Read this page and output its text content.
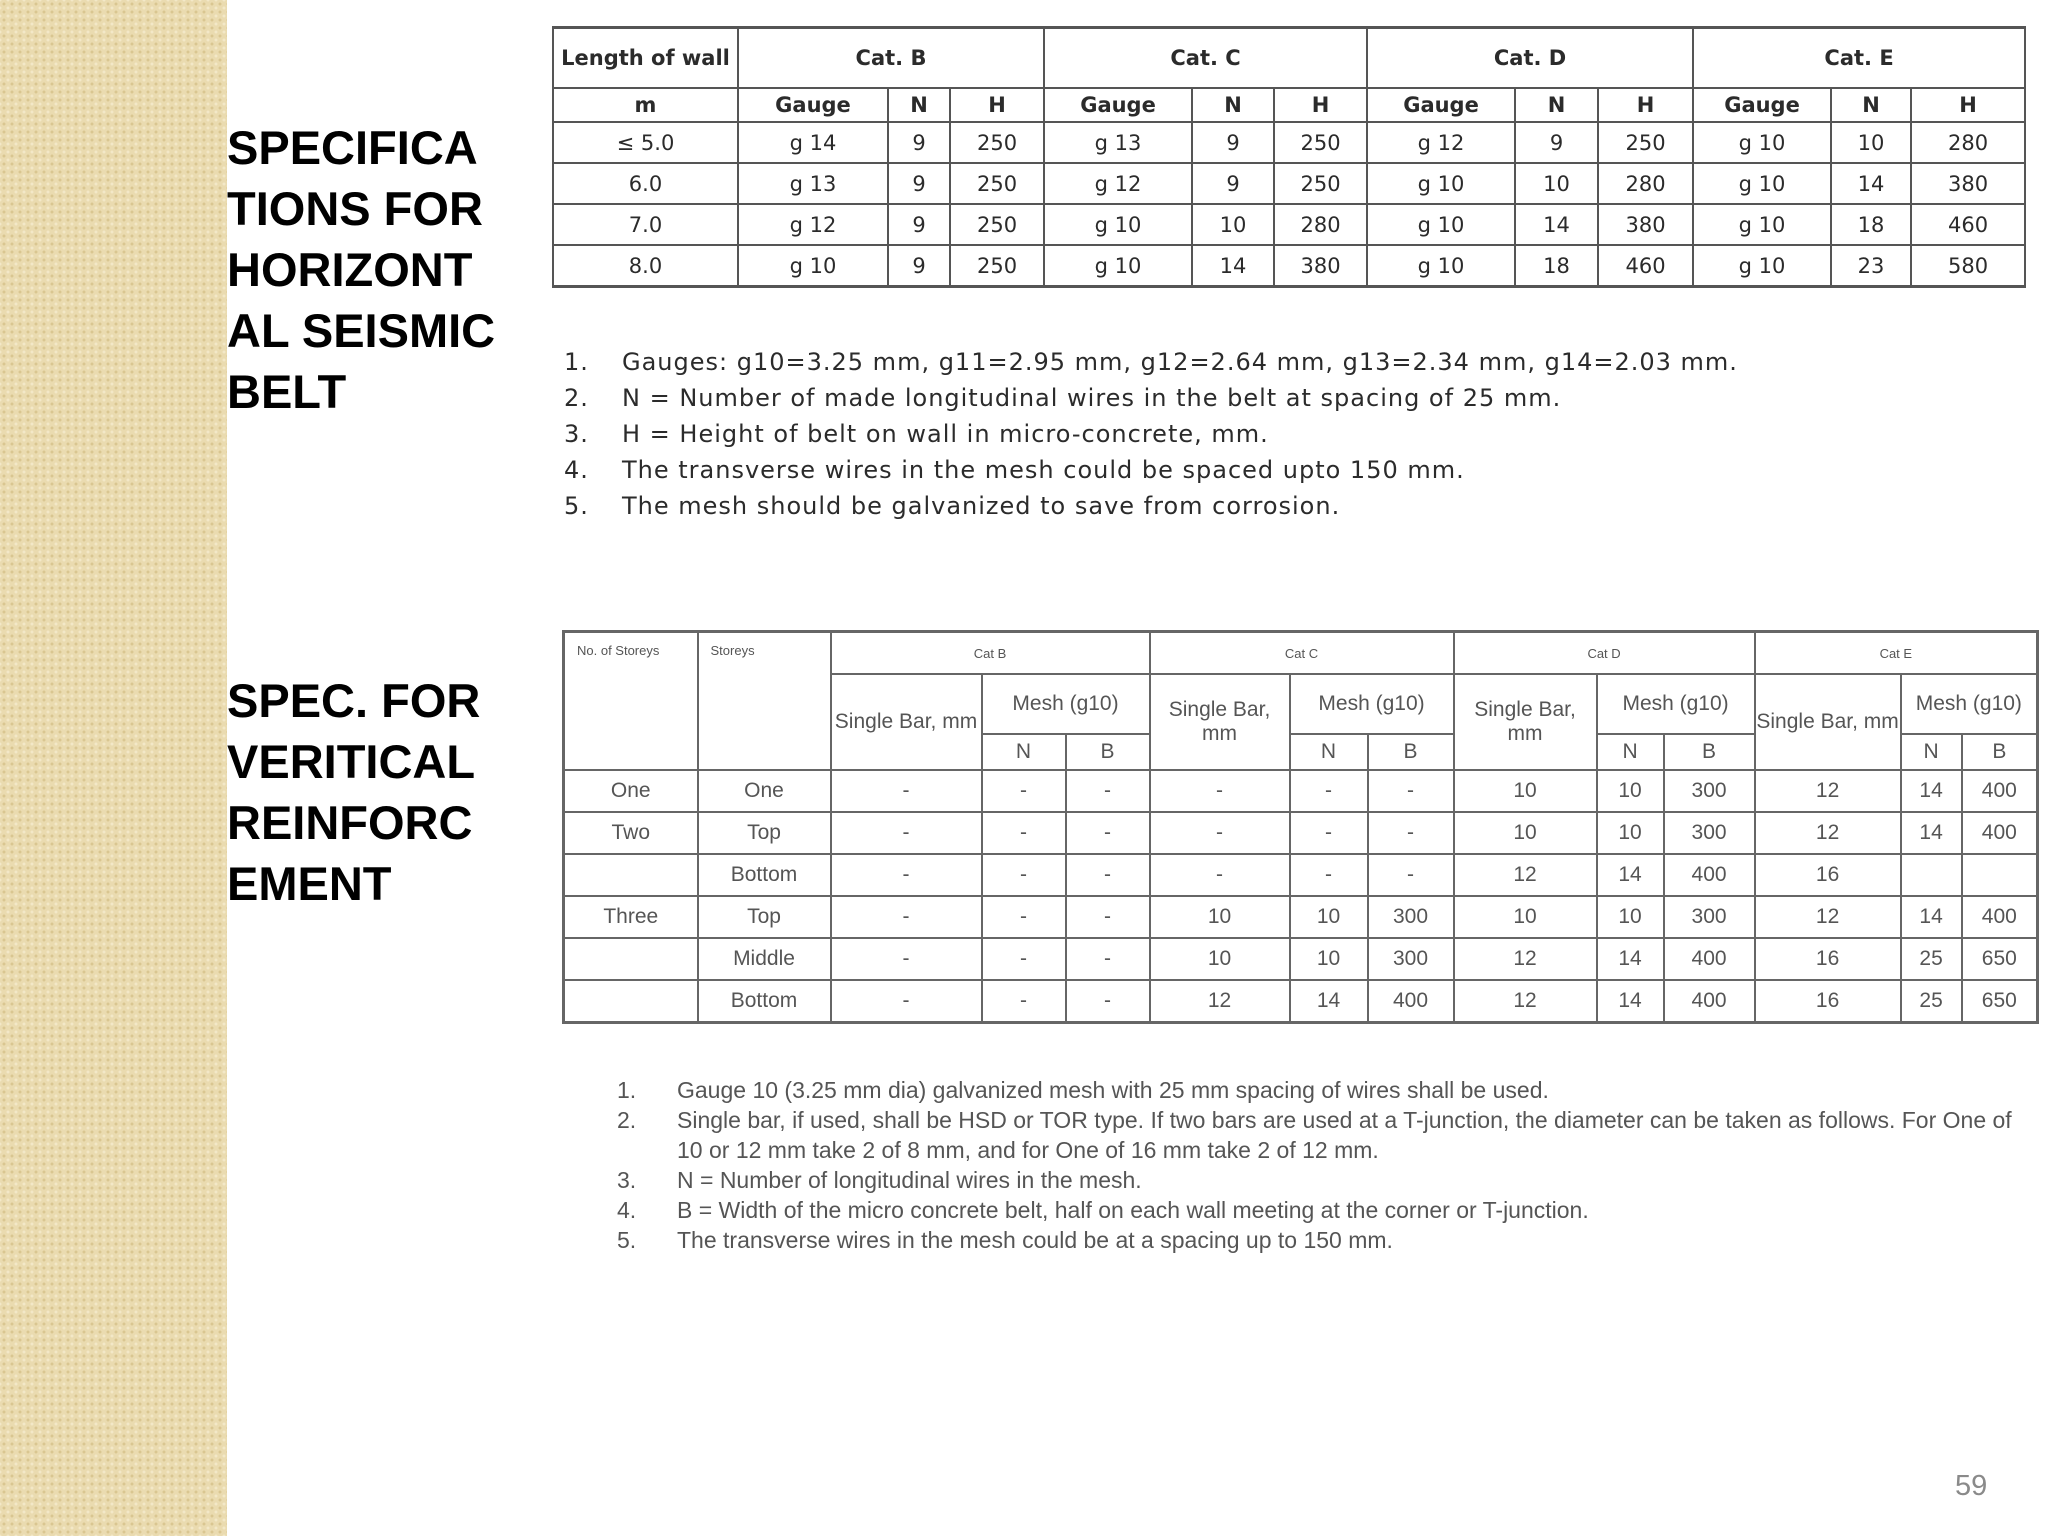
SPECIFICA
TIONS FOR
HORIZONT
AL SEISMIC
BELT
SPEC. FOR
VERITICAL
REINFORC
EMENT
Length of wall	Cat. B			Cat. C			Cat. D			Cat. E		
m	Gauge	N	H	Gauge	N	H	Gauge	N	H	Gauge	N	H
≤ 5.0	g 14	9	250	g 13	9	250	g 12	9	250	g 10	10	280
6.0	g 13	9	250	g 12	9	250	g 10	10	280	g 10	14	380
7.0	g 12	9	250	g 10	10	280	g 10	14	380	g 10	18	460
8.0	g 10	9	250	g 10	14	380	g 10	18	460	g 10	23	580
1. Gauges: g10=3.25 mm, g11=2.95 mm, g12=2.64 mm, g13=2.34 mm, g14=2.03 mm.
2. N = Number of made longitudinal wires in the belt at spacing of 25 mm.
3. H = Height of belt on wall in micro-concrete, mm.
4. The transverse wires in the mesh could be spaced upto 150 mm.
5. The mesh should be galvanized to save from corrosion.
No. of Storeys	Storeys	Cat B			Cat C			Cat D			Cat E		
		Single Bar, mm	Mesh (g10)		Single Bar, mm	Mesh (g10)		Single Bar, mm	Mesh (g10)		Single Bar, mm	Mesh (g10)	
			N	B		N	B		N	B		N	B
One	One	-	-	-	-	-	-	10	10	300	12	14	400
Two	Top	-	-	-	-	-	-	10	10	300	12	14	400
	Bottom	-	-	-	-	-	-	12	14	400	16		
Three	Top	-	-	-	10	10	300	10	10	300	12	14	400
	Middle	-	-	-	10	10	300	12	14	400	16	25	650
	Bottom	-	-	-	12	14	400	12	14	400	16	25	650
1. Gauge 10 (3.25 mm dia) galvanized mesh with 25 mm spacing of wires shall be used.
2. Single bar, if used, shall be HSD or TOR type. If two bars are used at a T-junction, the diameter can be taken as follows. For One of 10 or 12 mm take 2 of 8 mm, and for One of 16 mm take 2 of 12 mm.
3. N = Number of longitudinal wires in the mesh.
4. B = Width of the micro concrete belt, half on each wall meeting at the corner or T-junction.
5. The transverse wires in the mesh could be at a spacing up to 150 mm.
59
